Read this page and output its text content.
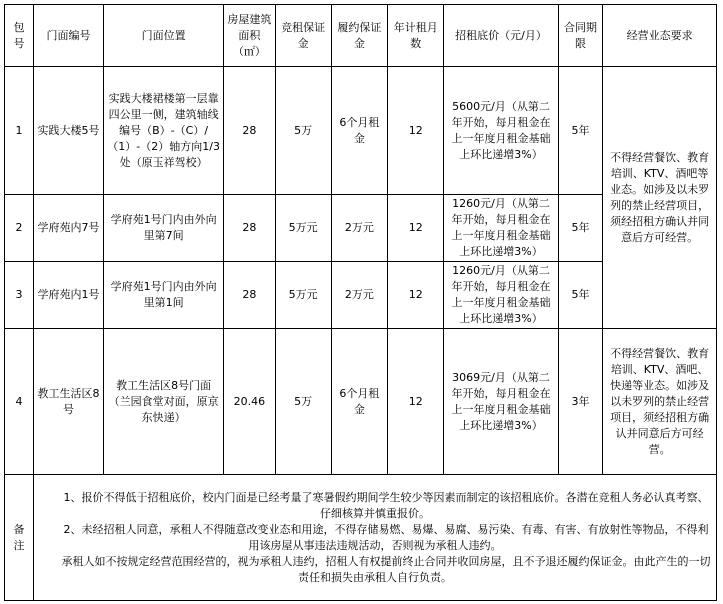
包号	门面编号	门面位置	房屋建筑面积（㎡）	竞租保证金	履约保证金	年计租月数	招租底价（元/月）	合同期限	经营业态要求
1	实践大楼5号	实践大楼裙楼第一层靠四公里一侧，建筑轴线编号（B）-（C）/（1）-（2）轴方向1/3处（原玉祥驾校）	28	5万	6个月租金	12	5600元/月（从第二年开始，每月租金在上一年度月租金基础上环比递增3%）	5年	不得经营餐饮、教育培训、KTV、酒吧等业态。如涉及以未罗列的禁止经营项目，须经招租方确认并同意后方可经营。
2	学府苑内7号	学府苑1号门内由外向里第7间	28	5万元	2万元	12	1260元/月（从第二年开始，每月租金在上一年度月租金基础上环比递增3%）	5年	
3	学府苑内1号	学府苑1号门内由外向里第1间	28	5万元	2万元	12	1260元/月（从第二年开始，每月租金在上一年度月租金基础上环比递增3%）	5年	
4	教工生活区8号	教工生活区8号门面（兰园食堂对面，原京东快递）	20.46	5万	6个月租金	12	3069元/月（从第二年开始，每月租金在上一年度月租金基础上环比递增3%）	3年	不得经营餐饮、教育培训、KTV、酒吧、快递等业态。如涉及以未罗列的禁止经营项目，须经招租方确认并同意后方可经营。
备注	1、报价不得低于招租底价，校内门面是已经考量了寒暑假约期间学生较少等因素而制定的该招租底价。各潜在竞租人务必认真考察、仔细核算并慎重报价。

2、未经招租人同意，承租人不得随意改变业态和用途，不得存储易燃、易爆、易腐、易污染、有毒、有害、有放射性等物品，不得利用该房屋从事违法违规活动，否则视为承租人违约。

承租人如不按规定经营范围经营的，视为承租人违约，招租人有权提前终止合同并收回房屋，且不予退还履约保证金。由此产生的一切责任和损失由承租人自行负责。								
